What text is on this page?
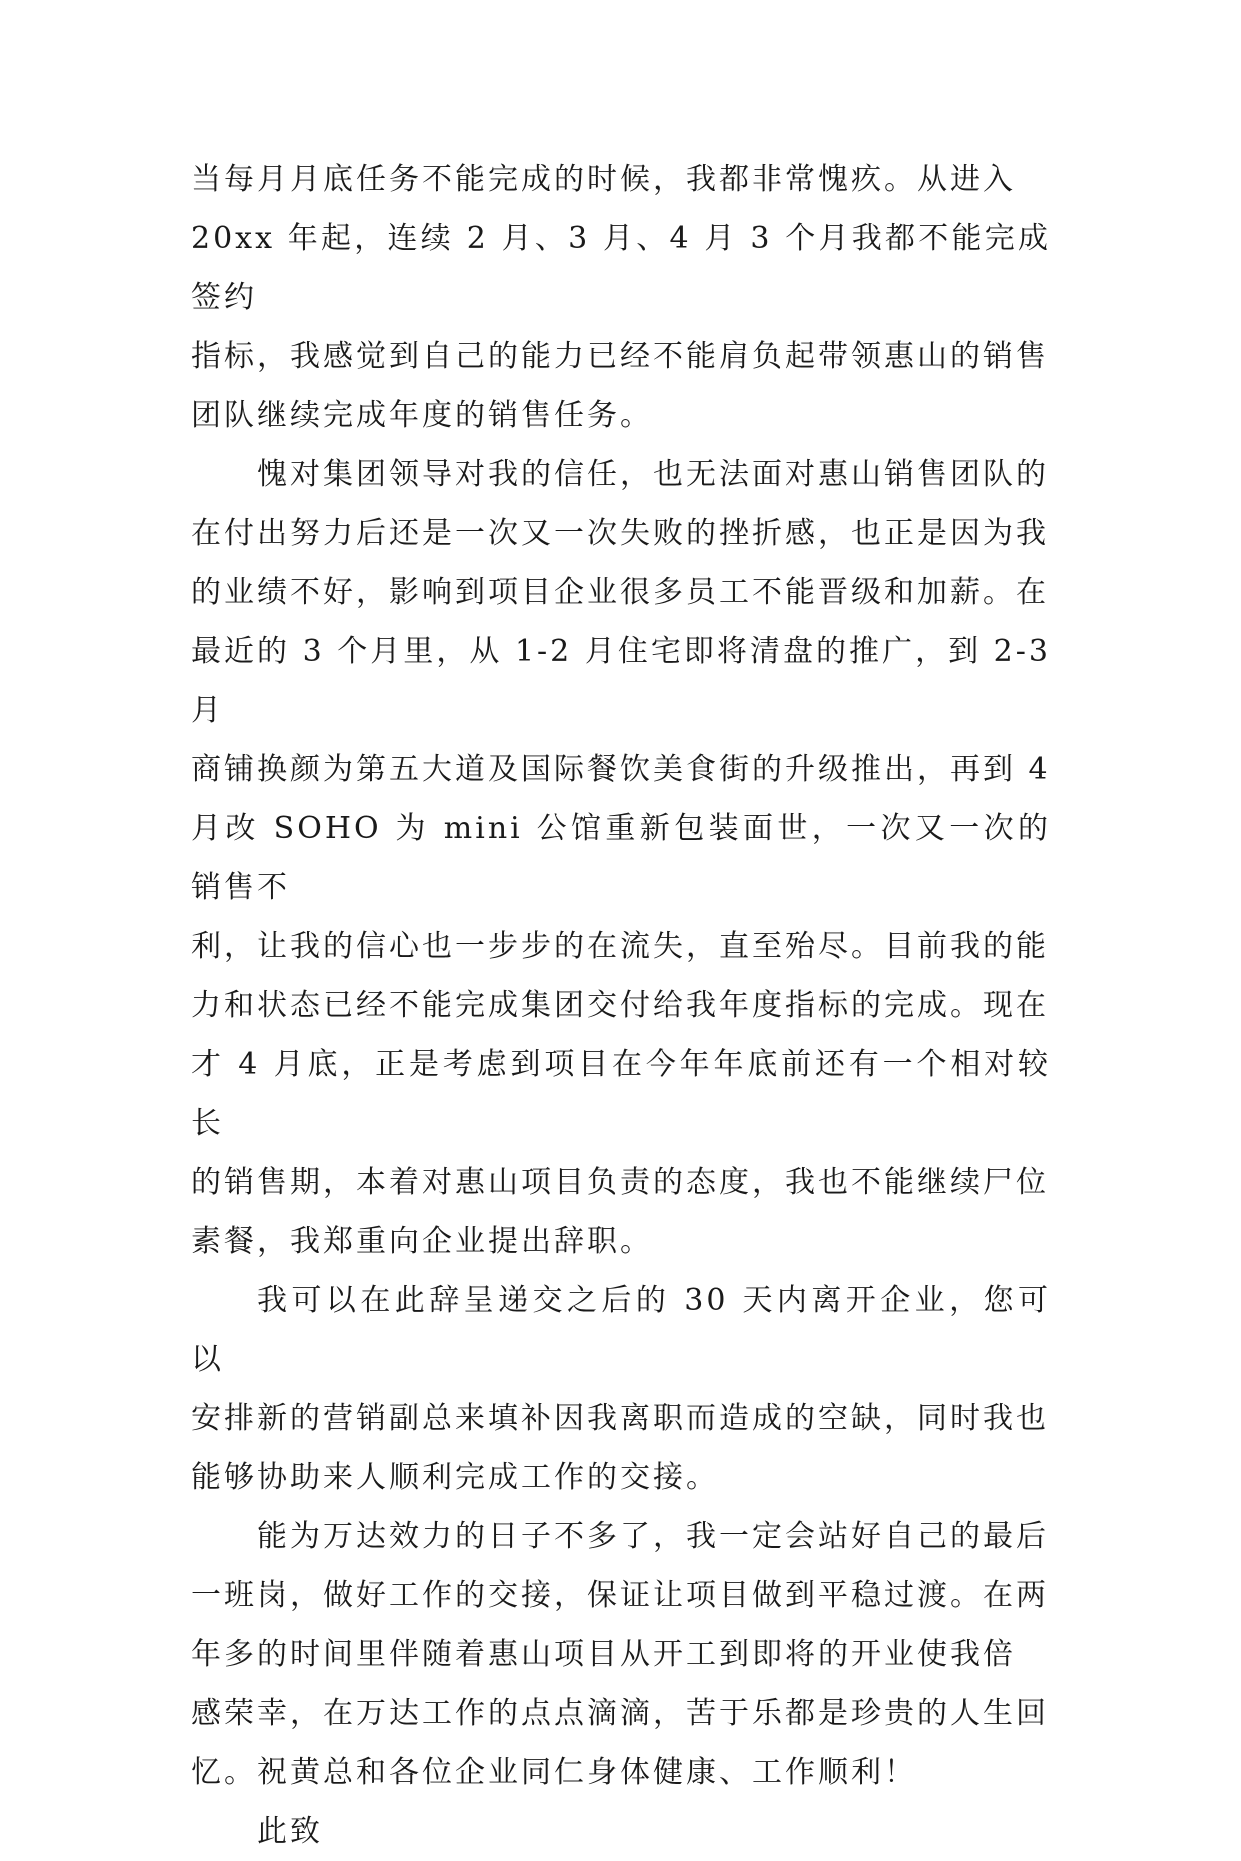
当每月月底任务不能完成的时候，我都非常愧疚。从进入
20xx 年起，连续 2 月、3 月、4 月 3 个月我都不能完成签约
指标，我感觉到自己的能力已经不能肩负起带领惠山的销售
团队继续完成年度的销售任务。

愧对集团领导对我的信任，也无法面对惠山销售团队的
在付出努力后还是一次又一次失败的挫折感，也正是因为我
的业绩不好，影响到项目企业很多员工不能晋级和加薪。在
最近的 3 个月里，从 1-2 月住宅即将清盘的推广，到 2-3 月
商铺换颜为第五大道及国际餐饮美食街的升级推出，再到 4
月改 SOHO 为 mini 公馆重新包装面世，一次又一次的销售不
利，让我的信心也一步步的在流失，直至殆尽。目前我的能
力和状态已经不能完成集团交付给我年度指标的完成。现在
才 4 月底，正是考虑到项目在今年年底前还有一个相对较长
的销售期，本着对惠山项目负责的态度，我也不能继续尸位
素餐，我郑重向企业提出辞职。

我可以在此辞呈递交之后的 30 天内离开企业，您可以
安排新的营销副总来填补因我离职而造成的空缺，同时我也
能够协助来人顺利完成工作的交接。

能为万达效力的日子不多了，我一定会站好自己的最后
一班岗，做好工作的交接，保证让项目做到平稳过渡。在两
年多的时间里伴随着惠山项目从开工到即将的开业使我倍
感荣幸，在万达工作的点点滴滴，苦于乐都是珍贵的人生回
忆。祝黄总和各位企业同仁身体健康、工作顺利！

此致
